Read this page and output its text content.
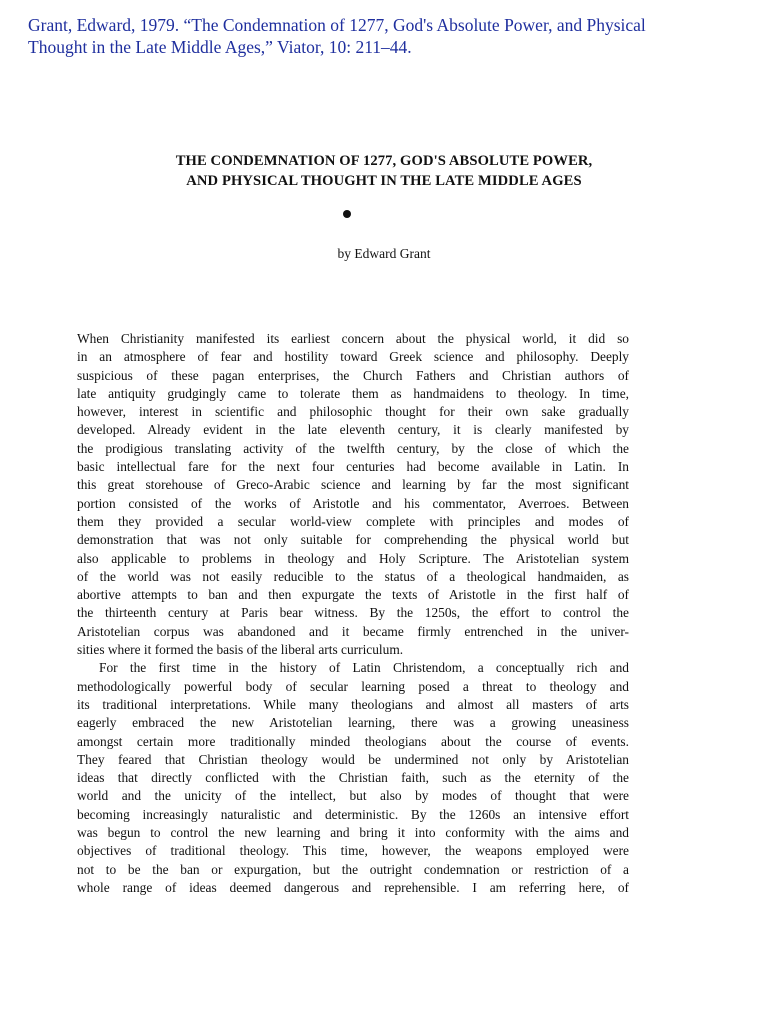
Grant, Edward, 1979. “The Condemnation of 1277, God's Absolute Power, and Physical
Thought in the Late Middle Ages,” Viator, 10: 211–44.
THE CONDEMNATION OF 1277, GOD'S ABSOLUTE POWER,
AND PHYSICAL THOUGHT IN THE LATE MIDDLE AGES
by Edward Grant
When Christianity manifested its earliest concern about the physical world, it did so
in an atmosphere of fear and hostility toward Greek science and philosophy. Deeply
suspicious of these pagan enterprises, the Church Fathers and Christian authors of
late antiquity grudgingly came to tolerate them as handmaidens to theology. In time,
however, interest in scientific and philosophic thought for their own sake gradually
developed. Already evident in the late eleventh century, it is clearly manifested by
the prodigious translating activity of the twelfth century, by the close of which the
basic intellectual fare for the next four centuries had become available in Latin. In
this great storehouse of Greco-Arabic science and learning by far the most significant
portion consisted of the works of Aristotle and his commentator, Averroes. Between
them they provided a secular world-view complete with principles and modes of
demonstration that was not only suitable for comprehending the physical world but
also applicable to problems in theology and Holy Scripture. The Aristotelian system
of the world was not easily reducible to the status of a theological handmaiden, as
abortive attempts to ban and then expurgate the texts of Aristotle in the first half of
the thirteenth century at Paris bear witness. By the 1250s, the effort to control the
Aristotelian corpus was abandoned and it became firmly entrenched in the univer-
sities where it formed the basis of the liberal arts curriculum.
For the first time in the history of Latin Christendom, a conceptually rich and
methodologically powerful body of secular learning posed a threat to theology and
its traditional interpretations. While many theologians and almost all masters of arts
eagerly embraced the new Aristotelian learning, there was a growing uneasiness
amongst certain more traditionally minded theologians about the course of events.
They feared that Christian theology would be undermined not only by Aristotelian
ideas that directly conflicted with the Christian faith, such as the eternity of the
world and the unicity of the intellect, but also by modes of thought that were
becoming increasingly naturalistic and deterministic. By the 1260s an intensive effort
was begun to control the new learning and bring it into conformity with the aims and
objectives of traditional theology. This time, however, the weapons employed were
not to be the ban or expurgation, but the outright condemnation or restriction of a
whole range of ideas deemed dangerous and reprehensible. I am referring here, of
